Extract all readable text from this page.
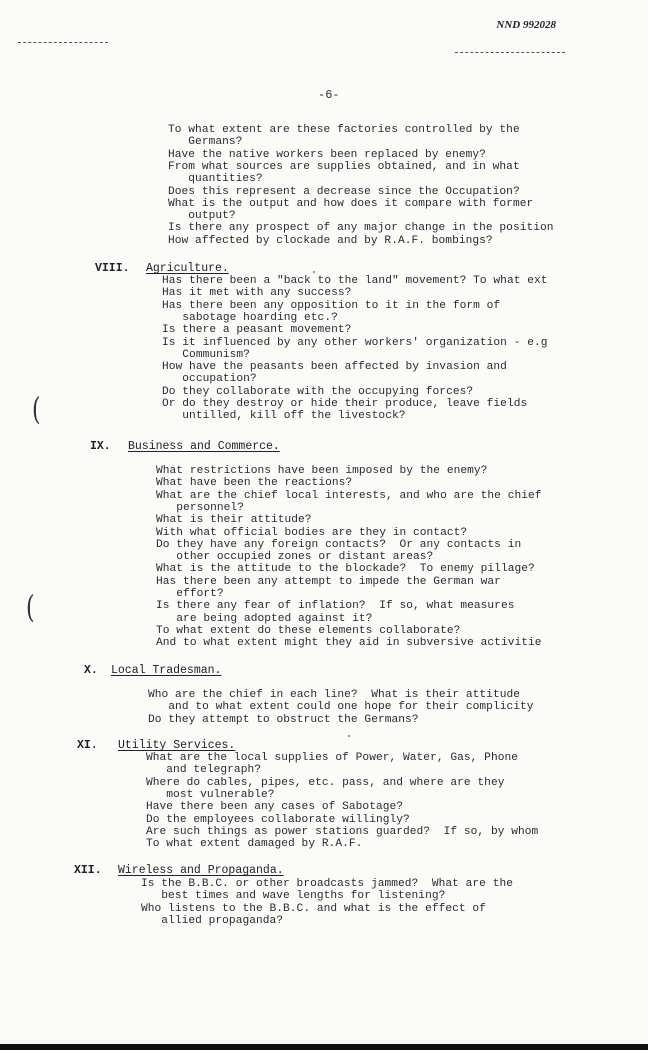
NND 992028
-6-
To what extent are these factories controlled by the
Germans?
Have the native workers been replaced by enemy?
From what sources are supplies obtained, and in what
quantities?
Does this represent a decrease since the Occupation?
What is the output and how does it compare with former
output?
Is there any prospect of any major change in the position
How affected by clockade and by R.A.F. bombings?
VIII. Agriculture.
Has there been a "back to the land" movement? To what ext
Has it met with any success?
Has there been any opposition to it in the form of
sabotage hoarding etc.?
Is there a peasant movement?
Is it influenced by any other workers' organization - e.g
Communism?
How have the peasants been affected by invasion and
occupation?
Do they collaborate with the occupying forces?
Or do they destroy or hide their produce, leave fields
untilled, kill off the livestock?
IX. Business and Commerce.
What restrictions have been imposed by the enemy?
What have been the reactions?
What are the chief local interests, and who are the chief
personnel?
What is their attitude?
With what official bodies are they in contact?
Do they have any foreign contacts?  Or any contacts in
other occupied zones or distant areas?
What is the attitude to the blockade?  To enemy pillage?
Has there been any attempt to impede the German war
effort?
Is there any fear of inflation?  If so, what measures
are being adopted against it?
To what extent do these elements collaborate?
And to what extent might they aid in subversive activitie
X. Local Tradesman.
Who are the chief in each line?  What is their attitude
and to what extent could one hope for their complicity
Do they attempt to obstruct the Germans?
XI. Utility Services.
What are the local supplies of Power, Water, Gas, Phone
and telegraph?
Where do cables, pipes, etc. pass, and where are they
most vulnerable?
Have there been any cases of Sabotage?
Do the employees collaborate willingly?
Are such things as power stations guarded?  If so, by whom
To what extent damaged by R.A.F.
XII. Wireless and Propaganda.
Is the B.B.C. or other broadcasts jammed?  What are the
best times and wave lengths for listening?
Who listens to the B.B.C. and what is the effect of
allied propaganda?
(
(
